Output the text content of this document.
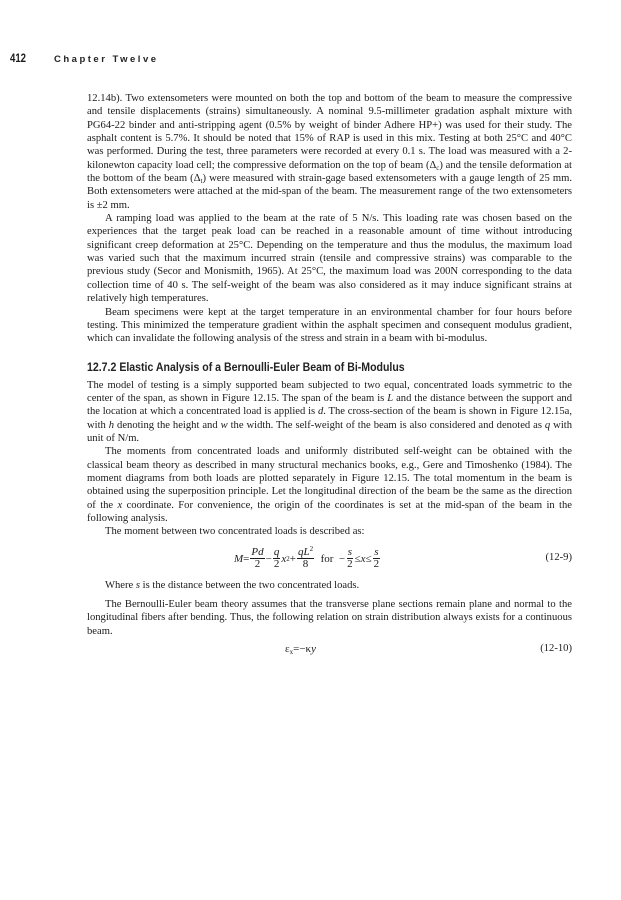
412	Chapter Twelve

12.14b). Two extensometers were mounted on both the top and bottom of the beam to measure the compressive and tensile displacements (strains) simultaneously. A nominal 9.5-millimeter gradation asphalt mixture with PG64-22 binder and anti-stripping agent (0.5% by weight of binder Adhere HP+) was used for their study. The asphalt content is 5.7%. It should be noted that 15% of RAP is used in this mix. Testing at both 25°C and 40°C was performed. During the test, three parameters were recorded at every 0.1 s. The load was measured with a 2-kilonewton capacity load cell; the compressive deformation on the top of beam $(\Delta_c)$ and the tensile deformation at the bottom of the beam $(\Delta_t)$ were measured with strain-gage based extensometers with a gauge length of 25 mm. Both extensometers were attached at the mid-span of the beam. The measurement range of the two extensometers is ±2 mm.

A ramping load was applied to the beam at the rate of 5 N/s. This loading rate was chosen based on the experiences that the target peak load can be reached in a reasonable amount of time without introducing significant creep deformation at 25°C. Depending on the temperature and thus the modulus, the maximum load was varied such that the maximum incurred strain (tensile and compressive strains) was comparable to the previous study (Secor and Monismith, 1965). At 25°C, the maximum load was 200N corresponding to the data collection time of 40 s. The self-weight of the beam was also considered as it may induce significant strains at relatively high temperatures.

Beam specimens were kept at the target temperature in an environmental chamber for four hours before testing. This minimized the temperature gradient within the asphalt specimen and consequent modulus gradient, which can invalidate the following analysis of the stress and strain in a beam with bi-modulus.

12.7.2 Elastic Analysis of a Bernoulli-Euler Beam of Bi-Modulus

The model of testing is a simply supported beam subjected to two equal, concentrated loads symmetric to the center of the span, as shown in Figure 12.15. The span of the beam is L and the distance between the support and the location at which a concentrated load is applied is d. The cross-section of the beam is shown in Figure 12.15a, with h denoting the height and w the width. The self-weight of the beam is also considered and denoted as q with unit of N/m.

The moments from concentrated loads and uniformly distributed self-weight can be obtained with the classical beam theory as described in many structural mechanics books, e.g., Gere and Timoshenko (1984). The moment diagrams from both loads are plotted separately in Figure 12.15. The total momentum in the beam is obtained using the superposition principle. Let the longitudinal direction of the beam be the same as the direction of the x coordinate. For convenience, the origin of the coordinates is set at the mid-span of the beam in the following analysis.

The moment between two concentrated loads is described as:

$M = \frac{Pd}{2} - \frac{q}{2}$ x $2 + \frac{qL^2}{8}$
for
− $\frac{s}{2} \le x \le \frac{s}{2}$	(12-9)

Where s is the distance between the two concentrated loads.

The Bernoulli-Euler beam theory assumes that the transverse plane sections remain plane and normal to the longitudinal fibers after bending. Thus, the following relation on strain distribution always exists for a continuous beam.

$\varepsilon_x=-\kappa y$	(12-10)
